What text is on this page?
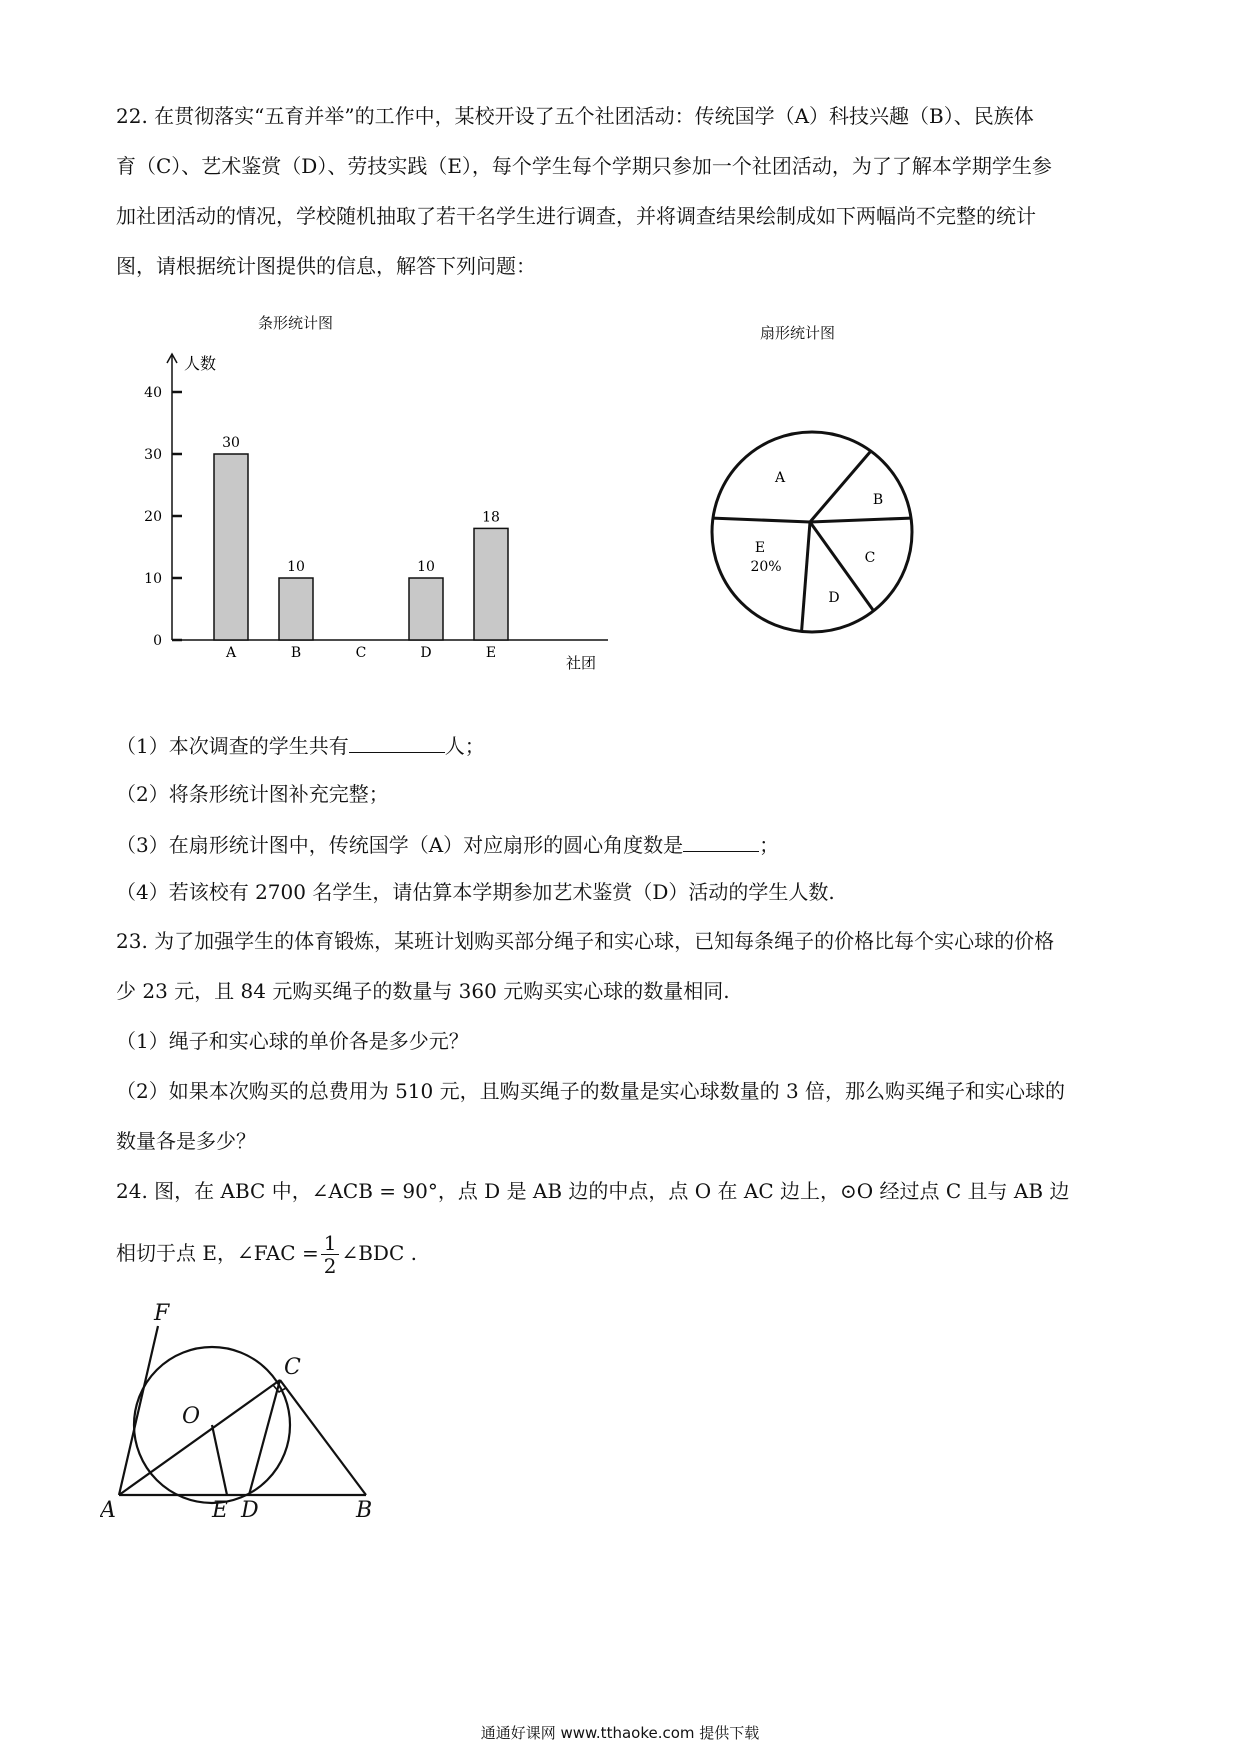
22. 在贯彻落实“五育并举”的工作中，某校开设了五个社团活动：传统国学（A）科技兴趣（B）、民族体
育（C）、艺术鉴赏（D）、劳技实践（E），每个学生每个学期只参加一个社团活动，为了了解本学期学生参
加社团活动的情况，学校随机抽取了若干名学生进行调查，并将调查结果绘制成如下两幅尚不完整的统计
图，请根据统计图提供的信息，解答下列问题：
条形统计图
人数
社团
0
10
20
30
40
30
A
10
B	C
10
D
18
E
扇形统计图
A
B
C
D
E
20%
（1）本次调查的学生共有	人；
（2）将条形统计图补充完整；
（3）在扇形统计图中，传统国学（A）对应扇形的圆心角度数是	；
（4）若该校有 2700 名学生，请估算本学期参加艺术鉴赏（D）活动的学生人数.
23. 为了加强学生的体育锻炼，某班计划购买部分绳子和实心球，已知每条绳子的价格比每个实心球的价格
少 23 元，且 84 元购买绳子的数量与 360 元购买实心球的数量相同.
（1）绳子和实心球的单价各是多少元？
（2）如果本次购买的总费用为 510 元，且购买绳子的数量是实心球数量的 3 倍，那么购买绳子和实心球的
数量各是多少？
24. 图，在 ABC 中，∠ACB = 90°，点 D 是 AB 边的中点，点 O 在 AC 边上，⊙O 经过点 C 且与 AB 边
相切于点 E，∠FAC = $\frac{1}{2}$ ∠BDC .
F
O
C
A	E D	B
通通好课网 www.tthaoke.com 提供下载
